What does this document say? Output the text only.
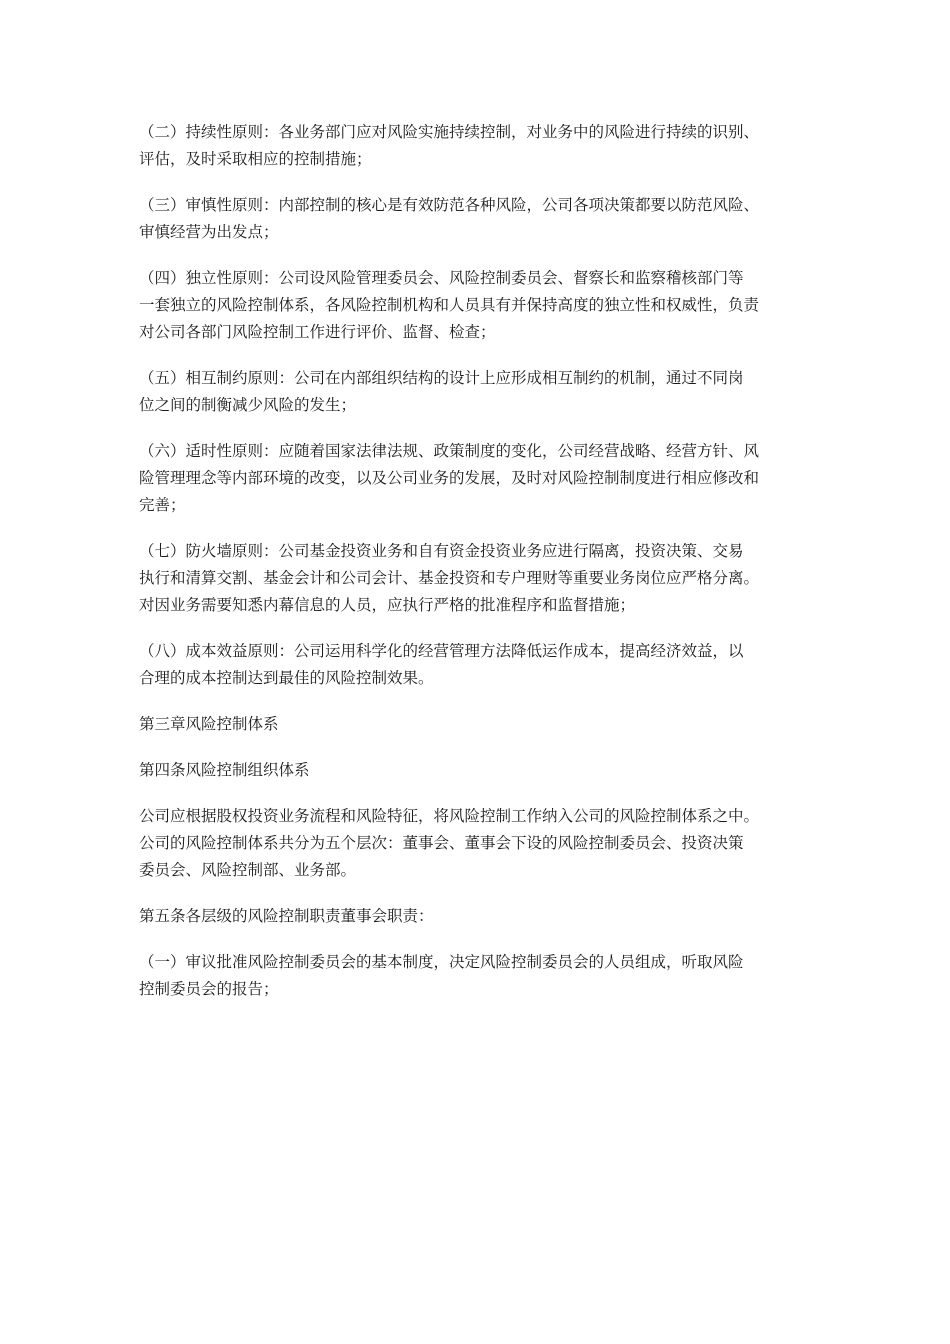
（二）持续性原则：各业务部门应对风险实施持续控制，对业务中的风险进行持续的识别、
评估，及时采取相应的控制措施；

（三）审慎性原则：内部控制的核心是有效防范各种风险，公司各项决策都要以防范风险、
审慎经营为出发点；

（四）独立性原则：公司设风险管理委员会、风险控制委员会、督察长和监察稽核部门等
一套独立的风险控制体系，各风险控制机构和人员具有并保持高度的独立性和权威性，负责
对公司各部门风险控制工作进行评价、监督、检查；

（五）相互制约原则：公司在内部组织结构的设计上应形成相互制约的机制，通过不同岗
位之间的制衡减少风险的发生；

（六）适时性原则：应随着国家法律法规、政策制度的变化，公司经营战略、经营方针、风
险管理理念等内部环境的改变，以及公司业务的发展，及时对风险控制制度进行相应修改和
完善；

（七）防火墙原则：公司基金投资业务和自有资金投资业务应进行隔离，投资决策、交易
执行和清算交割、基金会计和公司会计、基金投资和专户理财等重要业务岗位应严格分离。
对因业务需要知悉内幕信息的人员，应执行严格的批准程序和监督措施；

（八）成本效益原则：公司运用科学化的经营管理方法降低运作成本，提高经济效益，以
合理的成本控制达到最佳的风险控制效果。

第三章风险控制体系

第四条风险控制组织体系

公司应根据股权投资业务流程和风险特征，将风险控制工作纳入公司的风险控制体系之中。
公司的风险控制体系共分为五个层次：董事会、董事会下设的风险控制委员会、投资决策
委员会、风险控制部、业务部。

第五条各层级的风险控制职责董事会职责：

（一）审议批准风险控制委员会的基本制度，决定风险控制委员会的人员组成，听取风险
控制委员会的报告；
